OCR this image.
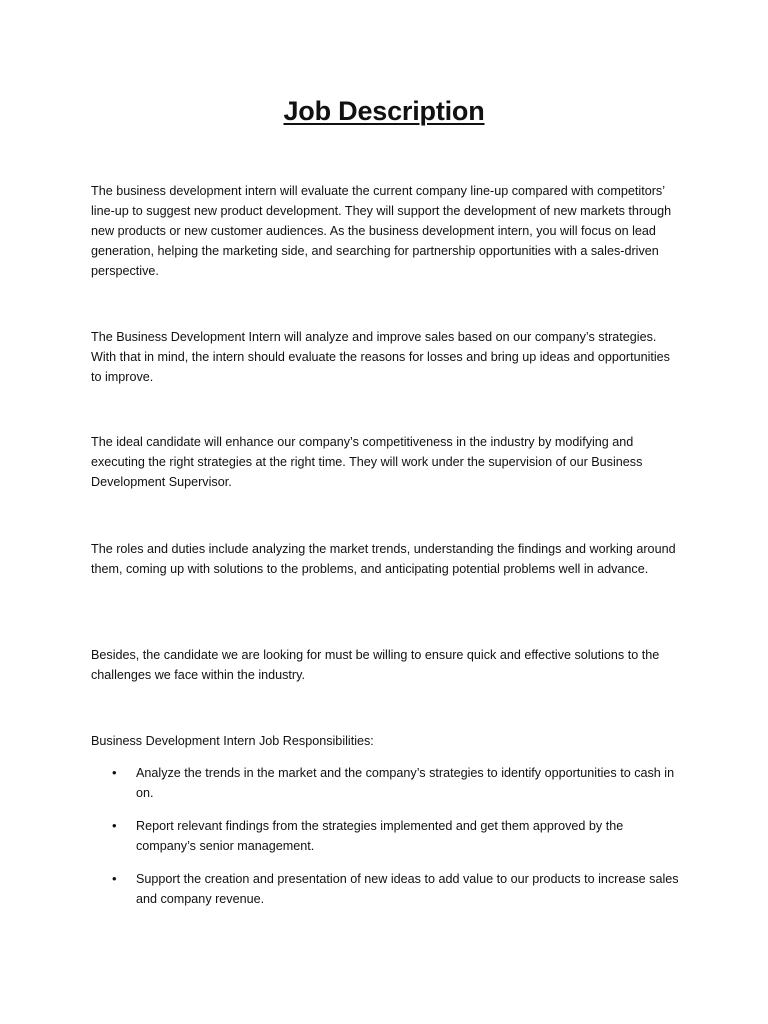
Job Description

The business development intern will evaluate the current company line-up compared with competitors’ line-up to suggest new product development. They will support the development of new markets through new products or new customer audiences. As the business development intern, you will focus on lead generation, helping the marketing side, and searching for partnership opportunities with a sales-driven perspective.

The Business Development Intern will analyze and improve sales based on our company’s strategies. With that in mind, the intern should evaluate the reasons for losses and bring up ideas and opportunities to improve.

The ideal candidate will enhance our company’s competitiveness in the industry by modifying and executing the right strategies at the right time. They will work under the supervision of our Business Development Supervisor.

The roles and duties include analyzing the market trends, understanding the findings and working around them, coming up with solutions to the problems, and anticipating potential problems well in advance.

Besides, the candidate we are looking for must be willing to ensure quick and effective solutions to the challenges we face within the industry.

Business Development Intern Job Responsibilities:

• Analyze the trends in the market and the company’s strategies to identify opportunities to cash in on.
• Report relevant findings from the strategies implemented and get them approved by the company’s senior management.
• Support the creation and presentation of new ideas to add value to our products to increase sales and company revenue.
